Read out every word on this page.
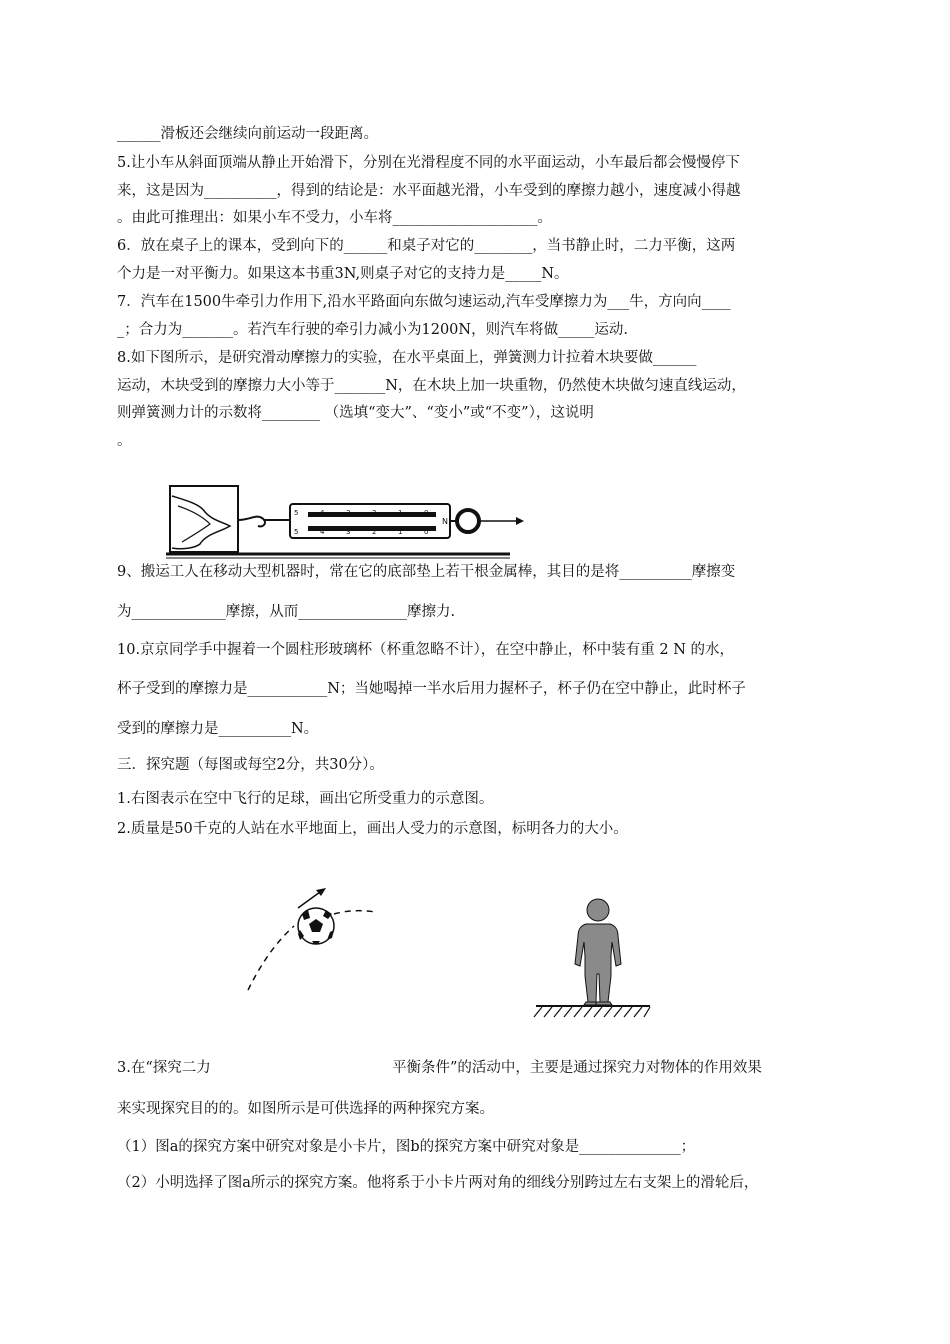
______滑板还会继续向前运动一段距离。
5.让小车从斜面顶端从静止开始滑下，分别在光滑程度不同的水平面运动，小车最后都会慢慢停下
来，这是因为__________，得到的结论是：水平面越光滑，小车受到的摩擦力越小，速度减小得越
。由此可推理出：如果小车不受力，小车将____________________。
6．放在桌子上的课本，受到向下的______和桌子对它的________，当书静止时，二力平衡，这两
个力是一对平衡力。如果这本书重3N,则桌子对它的支持力是_____N。
7．汽车在1500牛牵引力作用下,沿水平路面向东做匀速运动,汽车受摩擦力为___牛，方向向____
_；合力为_______。若汽车行驶的牵引力减小为1200N，则汽车将做_____运动.
8.如下图所示，是研究滑动摩擦力的实验，在水平桌面上，弹簧测力计拉着木块要做______
运动，木块受到的摩擦力大小等于_______N，在木块上加一块重物，仍然使木块做匀速直线运动，
则弹簧测力计的示数将________ （选填“变大”、“变小”或“不变”），这说明
。
5	4	3	2	1	0
5	4	3	2	1	0
N
9、搬运工人在移动大型机器时，常在它的底部垫上若干根金属棒，其目的是将__________摩擦变
为_____________摩擦，从而_______________摩擦力.
10.京京同学手中握着一个圆柱形玻璃杯（杯重忽略不计），在空中静止，杯中装有重 2 N 的水，
杯子受到的摩擦力是___________N；当她喝掉一半水后用力握杯子，杯子仍在空中静止，此时杯子
受到的摩擦力是__________N。
三．探究题（每图或每空2分，共30分）。
1.右图表示在空中飞行的足球，画出它所受重力的示意图。
2.质量是50千克的人站在水平地面上，画出人受力的示意图，标明各力的大小。
3.在“探究二力	平衡条件”的活动中，主要是通过探究力对物体的作用效果
来实现探究目的的。如图所示是可供选择的两种探究方案。
（1）图a的探究方案中研究对象是小卡片，图b的探究方案中研究对象是______________；
（2）小明选择了图a所示的探究方案。他将系于小卡片两对角的细线分别跨过左右支架上的滑轮后，
